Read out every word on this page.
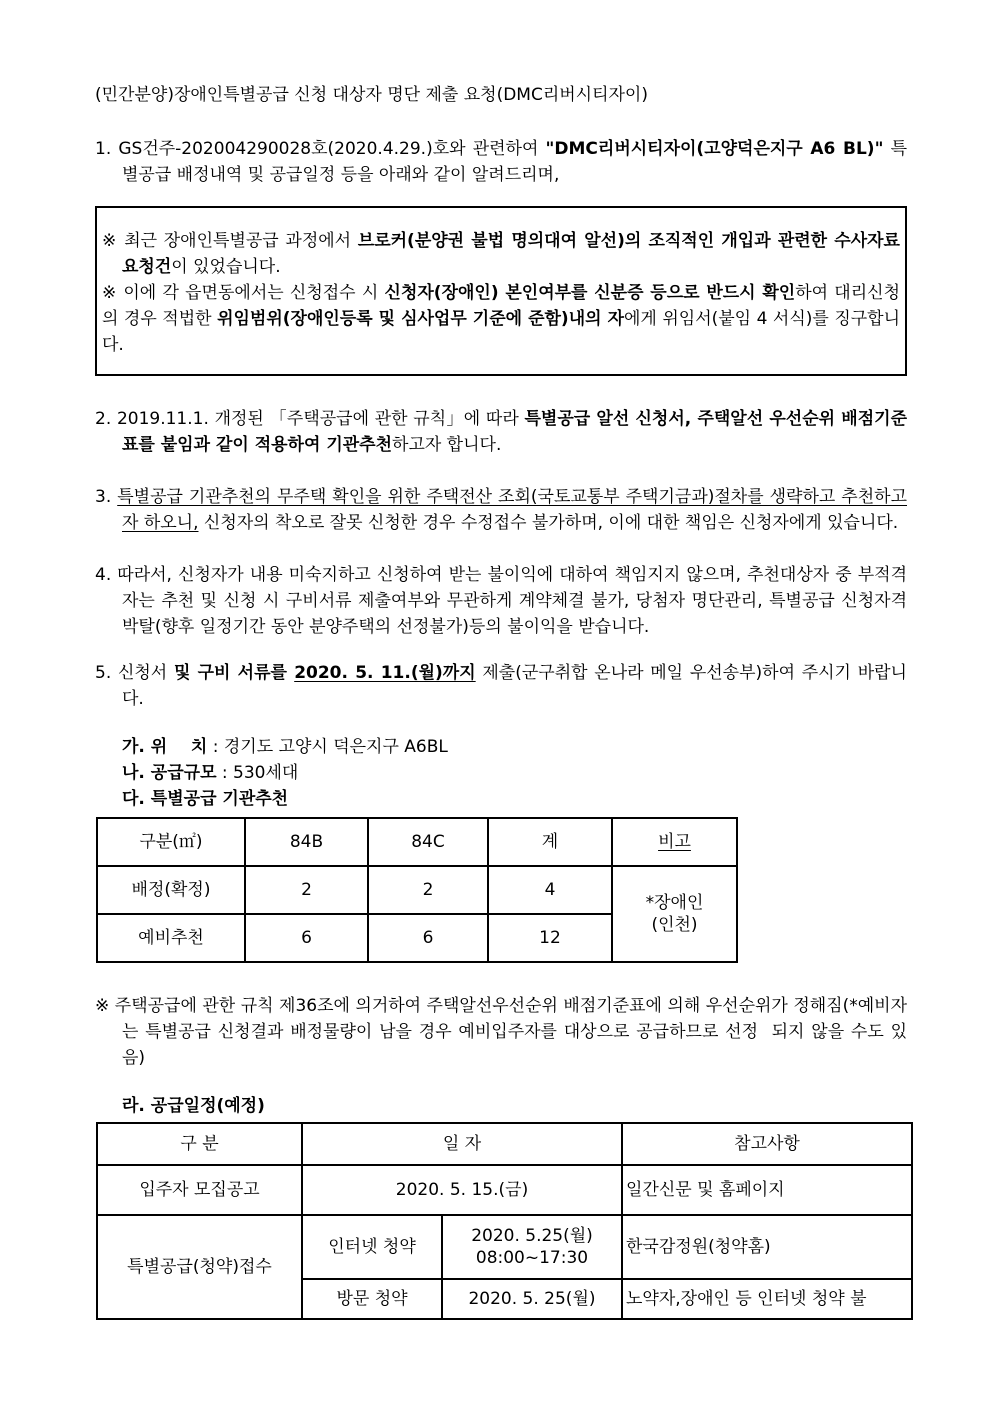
(민간분양)장애인특별공급 신청 대상자 명단 제출 요청(DMC리버시티자이)

1. GS건주-202004290028호(2020.4.29.)호와 관련하여 "DMC리버시티자이(고양덕은지구 A6 BL)" 특별공급 배정내역 및 공급일정 등을 아래와 같이 알려드리며,

※ 최근 장애인특별공급 과정에서 브로커(분양권 불법 명의대여 알선)의 조직적인 개입과 관련한 수사자료 요청건이 있었습니다.

※ 이에 각 읍면동에서는 신청접수 시 신청자(장애인) 본인여부를 신분증 등으로 반드시 확인하여 대리신청의 경우 적법한 위임범위(장애인등록 및 심사업무 기준에 준함)내의 자에게 위임서(붙임 4 서식)를 징구합니다.

2. 2019.11.1. 개정된 「주택공급에 관한 규칙」에 따라 특별공급 알선 신청서, 주택알선 우선순위 배점기준표를 붙임과 같이 적용하여 기관추천하고자 합니다.

3. 특별공급 기관추천의 무주택 확인을 위한 주택전산 조회(국토교통부 주택기금과)절차를 생략하고 추천하고자 하오니, 신청자의 착오로 잘못 신청한 경우 수정접수 불가하며, 이에 대한 책임은 신청자에게 있습니다.

4. 따라서, 신청자가 내용 미숙지하고 신청하여 받는 불이익에 대하여 책임지지 않으며, 추천대상자 중 부적격자는 추천 및 신청 시 구비서류 제출여부와 무관하게 계약체결 불가, 당첨자 명단관리, 특별공급 신청자격 박탈(향후 일정기간 동안 분양주택의 선정불가)등의 불이익을 받습니다.

5. 신청서 및 구비 서류를 2020. 5. 11.(월)까지 제출(군구취합 온나라 메일 우선송부)하여 주시기 바랍니다.

가. 위    치 : 경기도 고양시 덕은지구 A6BL

나. 공급규모 : 530세대

다. 특별공급 기관추천

구분(㎡)	84B	84C	계	비고
배정(확정)	2	2	4	*장애인
(인천)

예비추천	6	6	12	

※ 주택공급에 관한 규칙 제36조에 의거하여 주택알선우선순위 배점기준표에 의해 우선순위가 정해짐(*예비자는 특별공급 신청결과 배정물량이 남을 경우 예비입주자를 대상으로 공급하므로 선정  되지 않을 수도 있음)

라. 공급일정(예정)

구 분	일 자		참고사항
입주자 모집공고	2020. 5. 15.(금)		일간신문 및 홈페이지
특별공급(청약)접수	인터넷 청약	2020. 5.25(월)
08:00~17:30	한국감정원(청약홈)
	방문 청약	2020. 5. 25(월)	노약자,장애인 등 인터넷 청약 불
